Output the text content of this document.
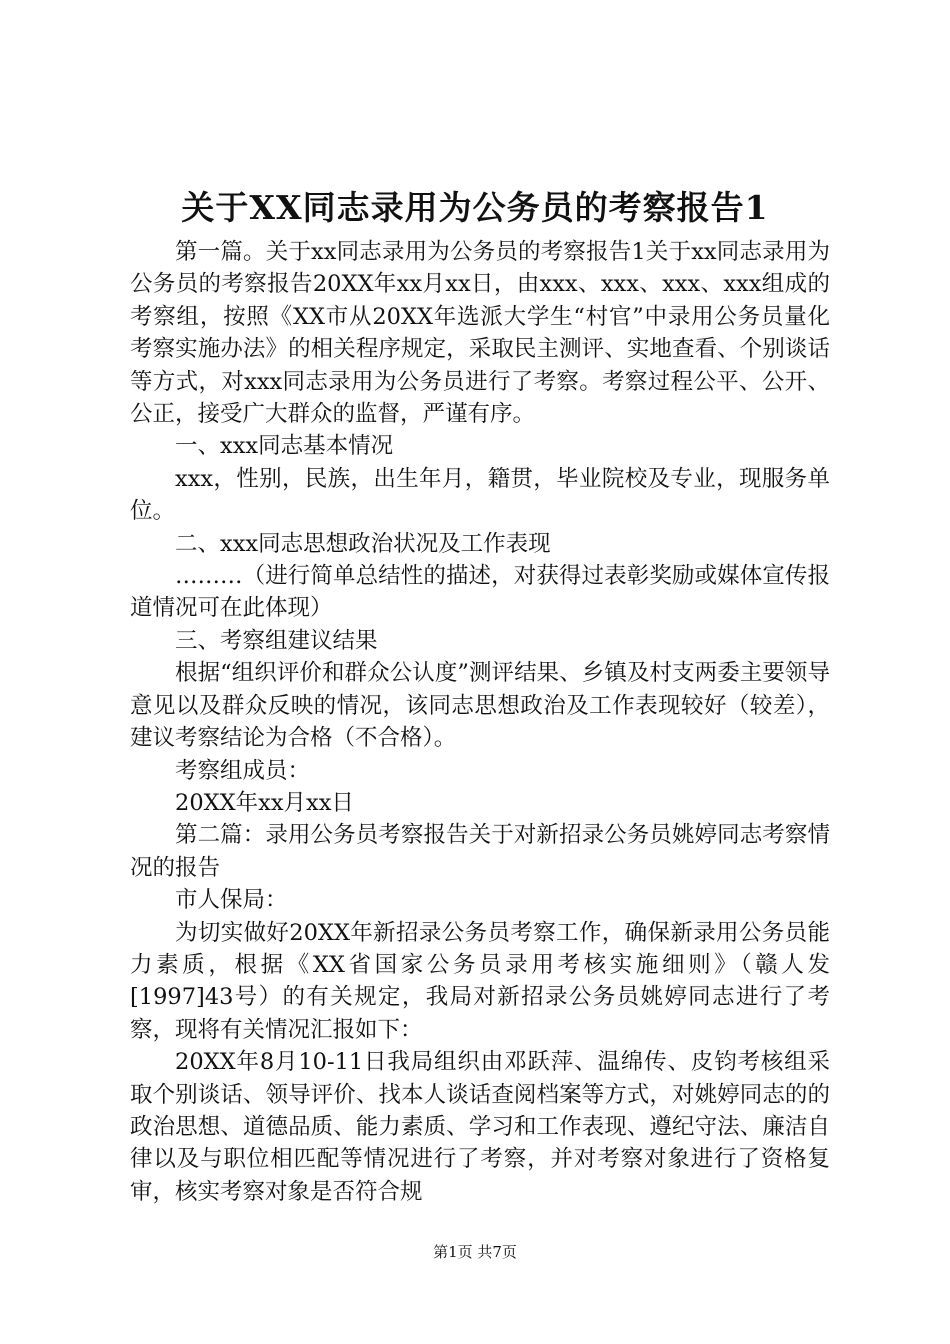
关于XX同志录用为公务员的考察报告1

第一篇。关于xx同志录用为公务员的考察报告1关于xx同志录用为公务员的考察报告20XX年xx月xx日，由xxx、xxx、xxx、xxx组成的考察组，按照《XX市从20XX年选派大学生“村官”中录用公务员量化考察实施办法》的相关程序规定，采取民主测评、实地查看、个别谈话等方式，对xxx同志录用为公务员进行了考察。考察过程公平、公开、公正，接受广大群众的监督，严谨有序。

一、xxx同志基本情况

xxx，性别，民族，出生年月，籍贯，毕业院校及专业，现服务单位。

二、xxx同志思想政治状况及工作表现

………（进行简单总结性的描述，对获得过表彰奖励或媒体宣传报道情况可在此体现）

三、考察组建议结果

根据“组织评价和群众公认度”测评结果、乡镇及村支两委主要领导意见以及群众反映的情况，该同志思想政治及工作表现较好（较差），建议考察结论为合格（不合格）。

考察组成员：

20XX年xx月xx日

第二篇：录用公务员考察报告关于对新招录公务员姚婷同志考察情况的报告

市人保局：

为切实做好20XX年新招录公务员考察工作，确保新录用公务员能力素质，根据《XX省国家公务员录用考核实施细则》（赣人发[1997]43号）的有关规定，我局对新招录公务员姚婷同志进行了考察，现将有关情况汇报如下：

20XX年8月10-11日我局组织由邓跃萍、温绵传、皮钧考核组采取个别谈话、领导评价、找本人谈话查阅档案等方式，对姚婷同志的的政治思想、道德品质、能力素质、学习和工作表现、遵纪守法、廉洁自律以及与职位相匹配等情况进行了考察，并对考察对象进行了资格复审，核实考察对象是否符合规

第1页 共7页
